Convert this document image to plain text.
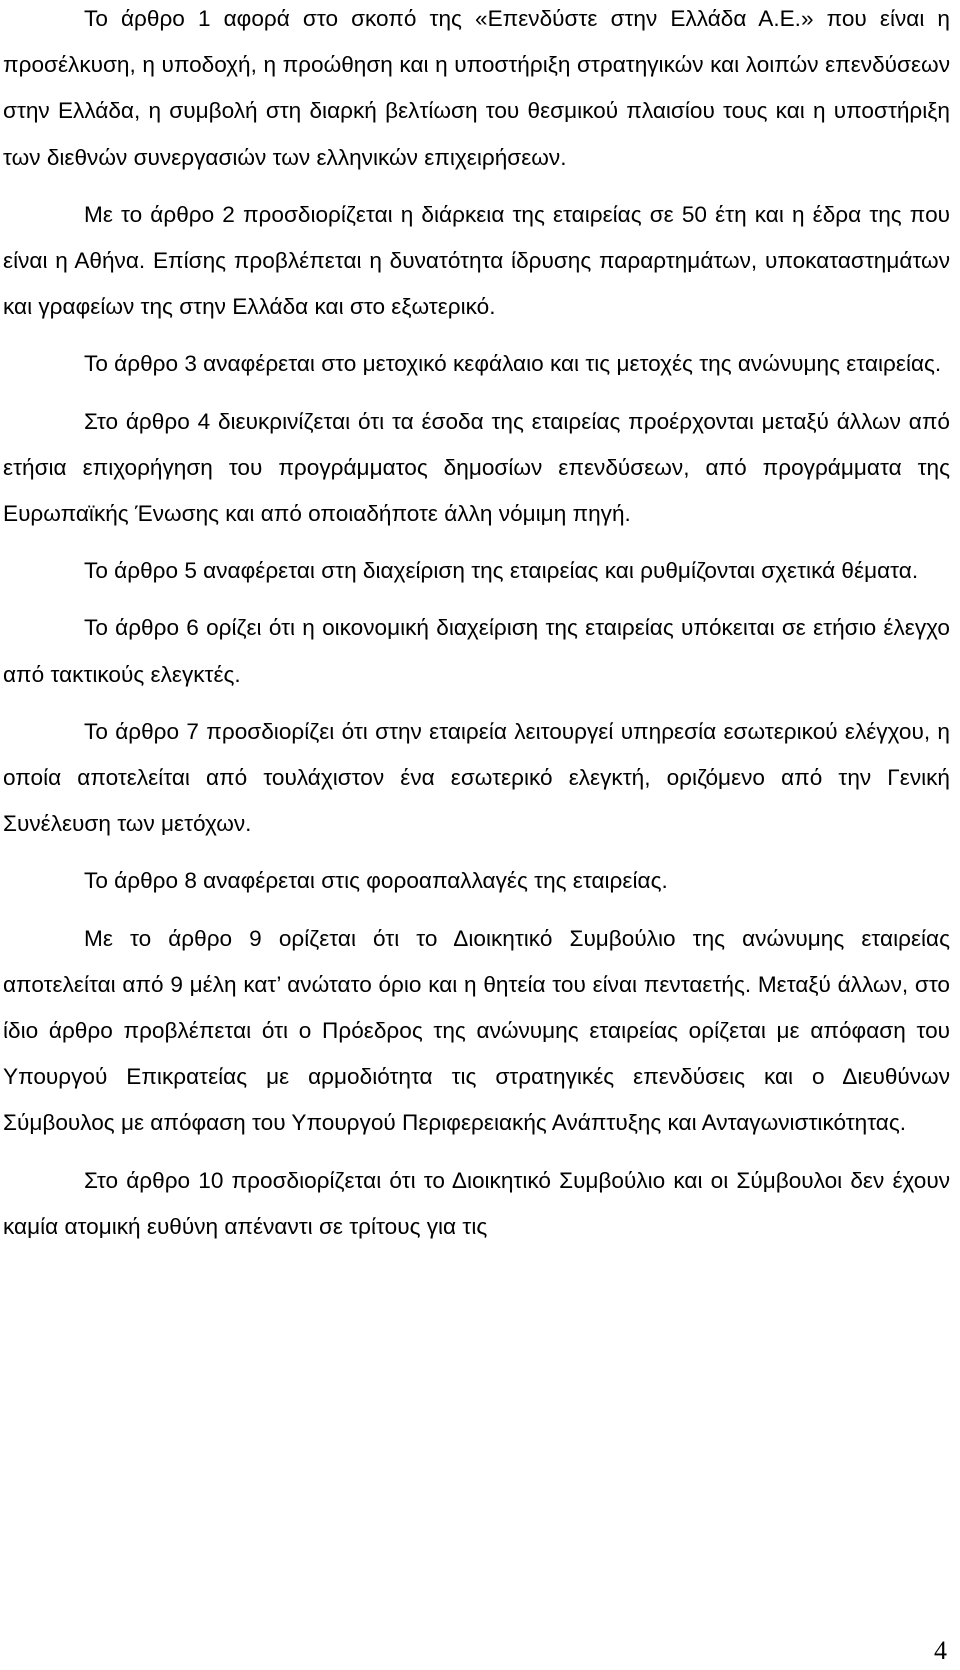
Το άρθρο 1 αφορά στο σκοπό της «Επενδύστε στην Ελλάδα Α.Ε.» που είναι η προσέλκυση, η υποδοχή, η προώθηση και η υποστήριξη στρατηγικών και λοιπών επενδύσεων στην Ελλάδα, η συμβολή στη διαρκή βελτίωση του θεσμικού πλαισίου τους και η υποστήριξη των διεθνών συνεργασιών των ελληνικών επιχειρήσεων.

Με το άρθρο 2 προσδιορίζεται η διάρκεια της εταιρείας σε 50 έτη και η έδρα της που είναι η Αθήνα. Επίσης προβλέπεται η δυνατότητα ίδρυσης παραρτημάτων, υποκαταστημάτων και γραφείων της στην Ελλάδα και στο εξωτερικό.

Το άρθρο 3 αναφέρεται στο μετοχικό κεφάλαιο και τις μετοχές της ανώνυμης εταιρείας.

Στο άρθρο 4 διευκρινίζεται ότι τα έσοδα της εταιρείας προέρχονται μεταξύ άλλων από ετήσια επιχορήγηση του προγράμματος δημοσίων επενδύσεων, από προγράμματα της Ευρωπαϊκής Ένωσης και από οποιαδήποτε άλλη νόμιμη πηγή.

Το άρθρο 5 αναφέρεται στη διαχείριση της εταιρείας και ρυθμίζονται σχετικά θέματα.

Το άρθρο 6 ορίζει ότι η οικονομική διαχείριση της εταιρείας υπόκειται σε ετήσιο έλεγχο από τακτικούς ελεγκτές.

Το άρθρο 7 προσδιορίζει ότι στην εταιρεία λειτουργεί υπηρεσία εσωτερικού ελέγχου, η οποία αποτελείται από τουλάχιστον ένα εσωτερικό ελεγκτή, οριζόμενο από την Γενική Συνέλευση των μετόχων.

Το άρθρο 8 αναφέρεται στις φοροαπαλλαγές της εταιρείας.

Με το άρθρο 9 ορίζεται ότι το Διοικητικό Συμβούλιο της ανώνυμης εταιρείας αποτελείται από 9 μέλη κατ’ ανώτατο όριο και η θητεία του είναι πενταετής. Μεταξύ άλλων, στο ίδιο άρθρο προβλέπεται ότι ο Πρόεδρος της ανώνυμης εταιρείας ορίζεται με απόφαση του Υπουργού Επικρατείας με αρμοδιότητα τις στρατηγικές επενδύσεις και ο Διευθύνων Σύμβουλος με απόφαση του Υπουργού Περιφερειακής Ανάπτυξης και Ανταγωνιστικότητας.

Στο άρθρο 10 προσδιορίζεται ότι το Διοικητικό Συμβούλιο και οι Σύμβουλοι δεν έχουν καμία ατομική ευθύνη απέναντι σε τρίτους για τις

4
